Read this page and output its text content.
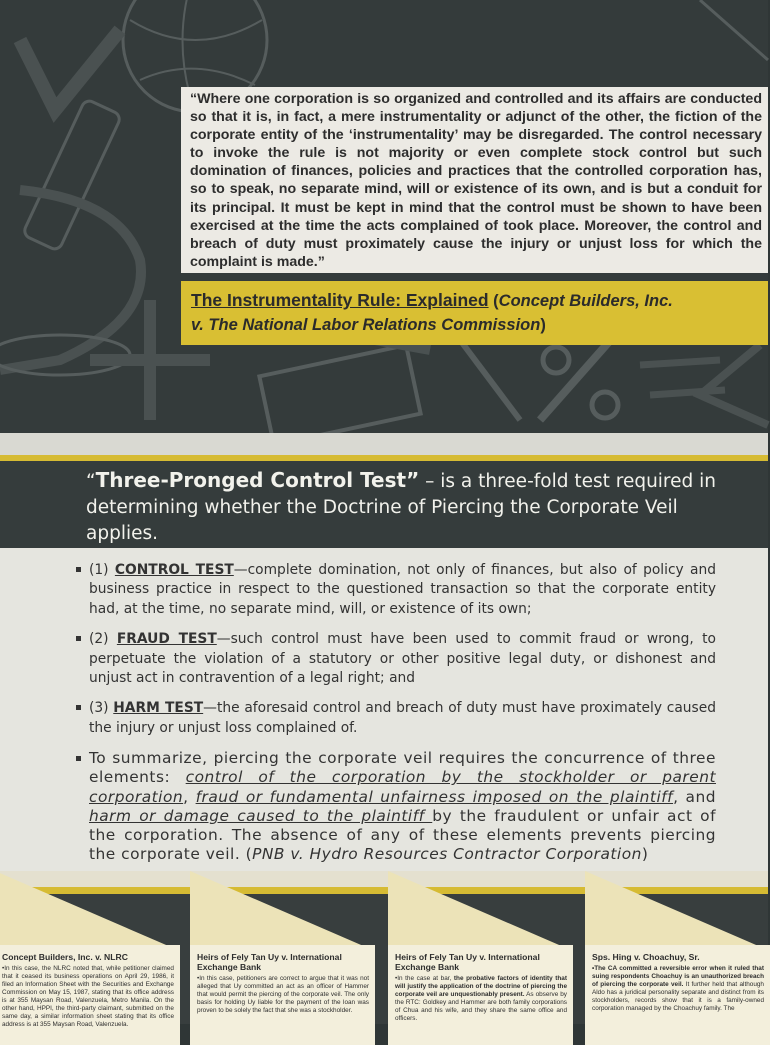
“Where one corporation is so organized and controlled and its affairs are conducted so that it is, in fact, a mere instrumentality or adjunct of the other, the fiction of the corporate entity of the ‘instrumentality’ may be disregarded. The control necessary to invoke the rule is not majority or even complete stock control but such domination of finances, policies and practices that the controlled corporation has, so to speak, no separate mind, will or existence of its own, and is but a conduit for its principal. It must be kept in mind that the control must be shown to have been exercised at the time the acts complained of took place. Moreover, the control and breach of duty must proximately cause the injury or unjust loss for which the complaint is made.”

The Instrumentality Rule: Explained (Concept Builders, Inc.
v. The National Labor Relations Commission)
“Three-Pronged Control Test” – is a three-fold test required in determining whether the Doctrine of Piercing the Corporate Veil applies.

(1) CONTROL TEST—complete domination, not only of finances, but also of policy and business practice in respect to the questioned transaction so that the corporate entity had, at the time, no separate mind, will, or existence of its own;

(2) FRAUD TEST—such control must have been used to commit fraud or wrong, to perpetuate the violation of a statutory or other positive legal duty, or dishonest and unjust act in contravention of a legal right; and

(3) HARM TEST—the aforesaid control and breach of duty must have proximately caused the injury or unjust loss complained of.

To summarize, piercing the corporate veil requires the concurrence of three elements: control of the corporation by the stockholder or parent corporation, fraud or fundamental unfairness imposed on the plaintiff, and harm or damage caused to the plaintiff by the fraudulent or unfair act of the corporation. The absence of any of these elements prevents piercing the corporate veil. (PNB v. Hydro Resources Contractor Corporation)

Concept Builders, Inc. v. NLRC
•In this case, the NLRC noted that, while petitioner claimed that it ceased its business operations on April 29, 1986, it filed an Information Sheet with the Securities and Exchange Commission on May 15, 1987, stating that its office address is at 355 Maysan Road, Valenzuela, Metro Manila. On the other hand, HPPI, the third-party claimant, submitted on the same day, a similar information sheet stating that its office address is at 355 Maysan Road, Valenzuela.
Heirs of Fely Tan Uy v. International Exchange Bank
•In this case, petitioners are correct to argue that it was not alleged that Uy committed an act as an officer of Hammer that would permit the piercing of the corporate veil. The only basis for holding Uy liable for the payment of the loan was proven to be solely the fact that she was a stockholder.
Heirs of Fely Tan Uy v. International Exchange Bank
•In the case at bar, the probative factors of identity that will justify the application of the doctrine of piercing the corporate veil are unquestionably present. As observe by the RTC: Goldkey and Hammer are both family corporations of Chua and his wife, and they share the same office and officers.
Sps. Hing v. Choachuy, Sr.
•The CA committed a reversible error when it ruled that suing respondents Choachuy is an unauthorized breach of piercing the corporate veil. It further held that although Aldo has a juridical personality separate and distinct from its stockholders, records show that it is a family-owned corporation managed by the Choachuy family. The
